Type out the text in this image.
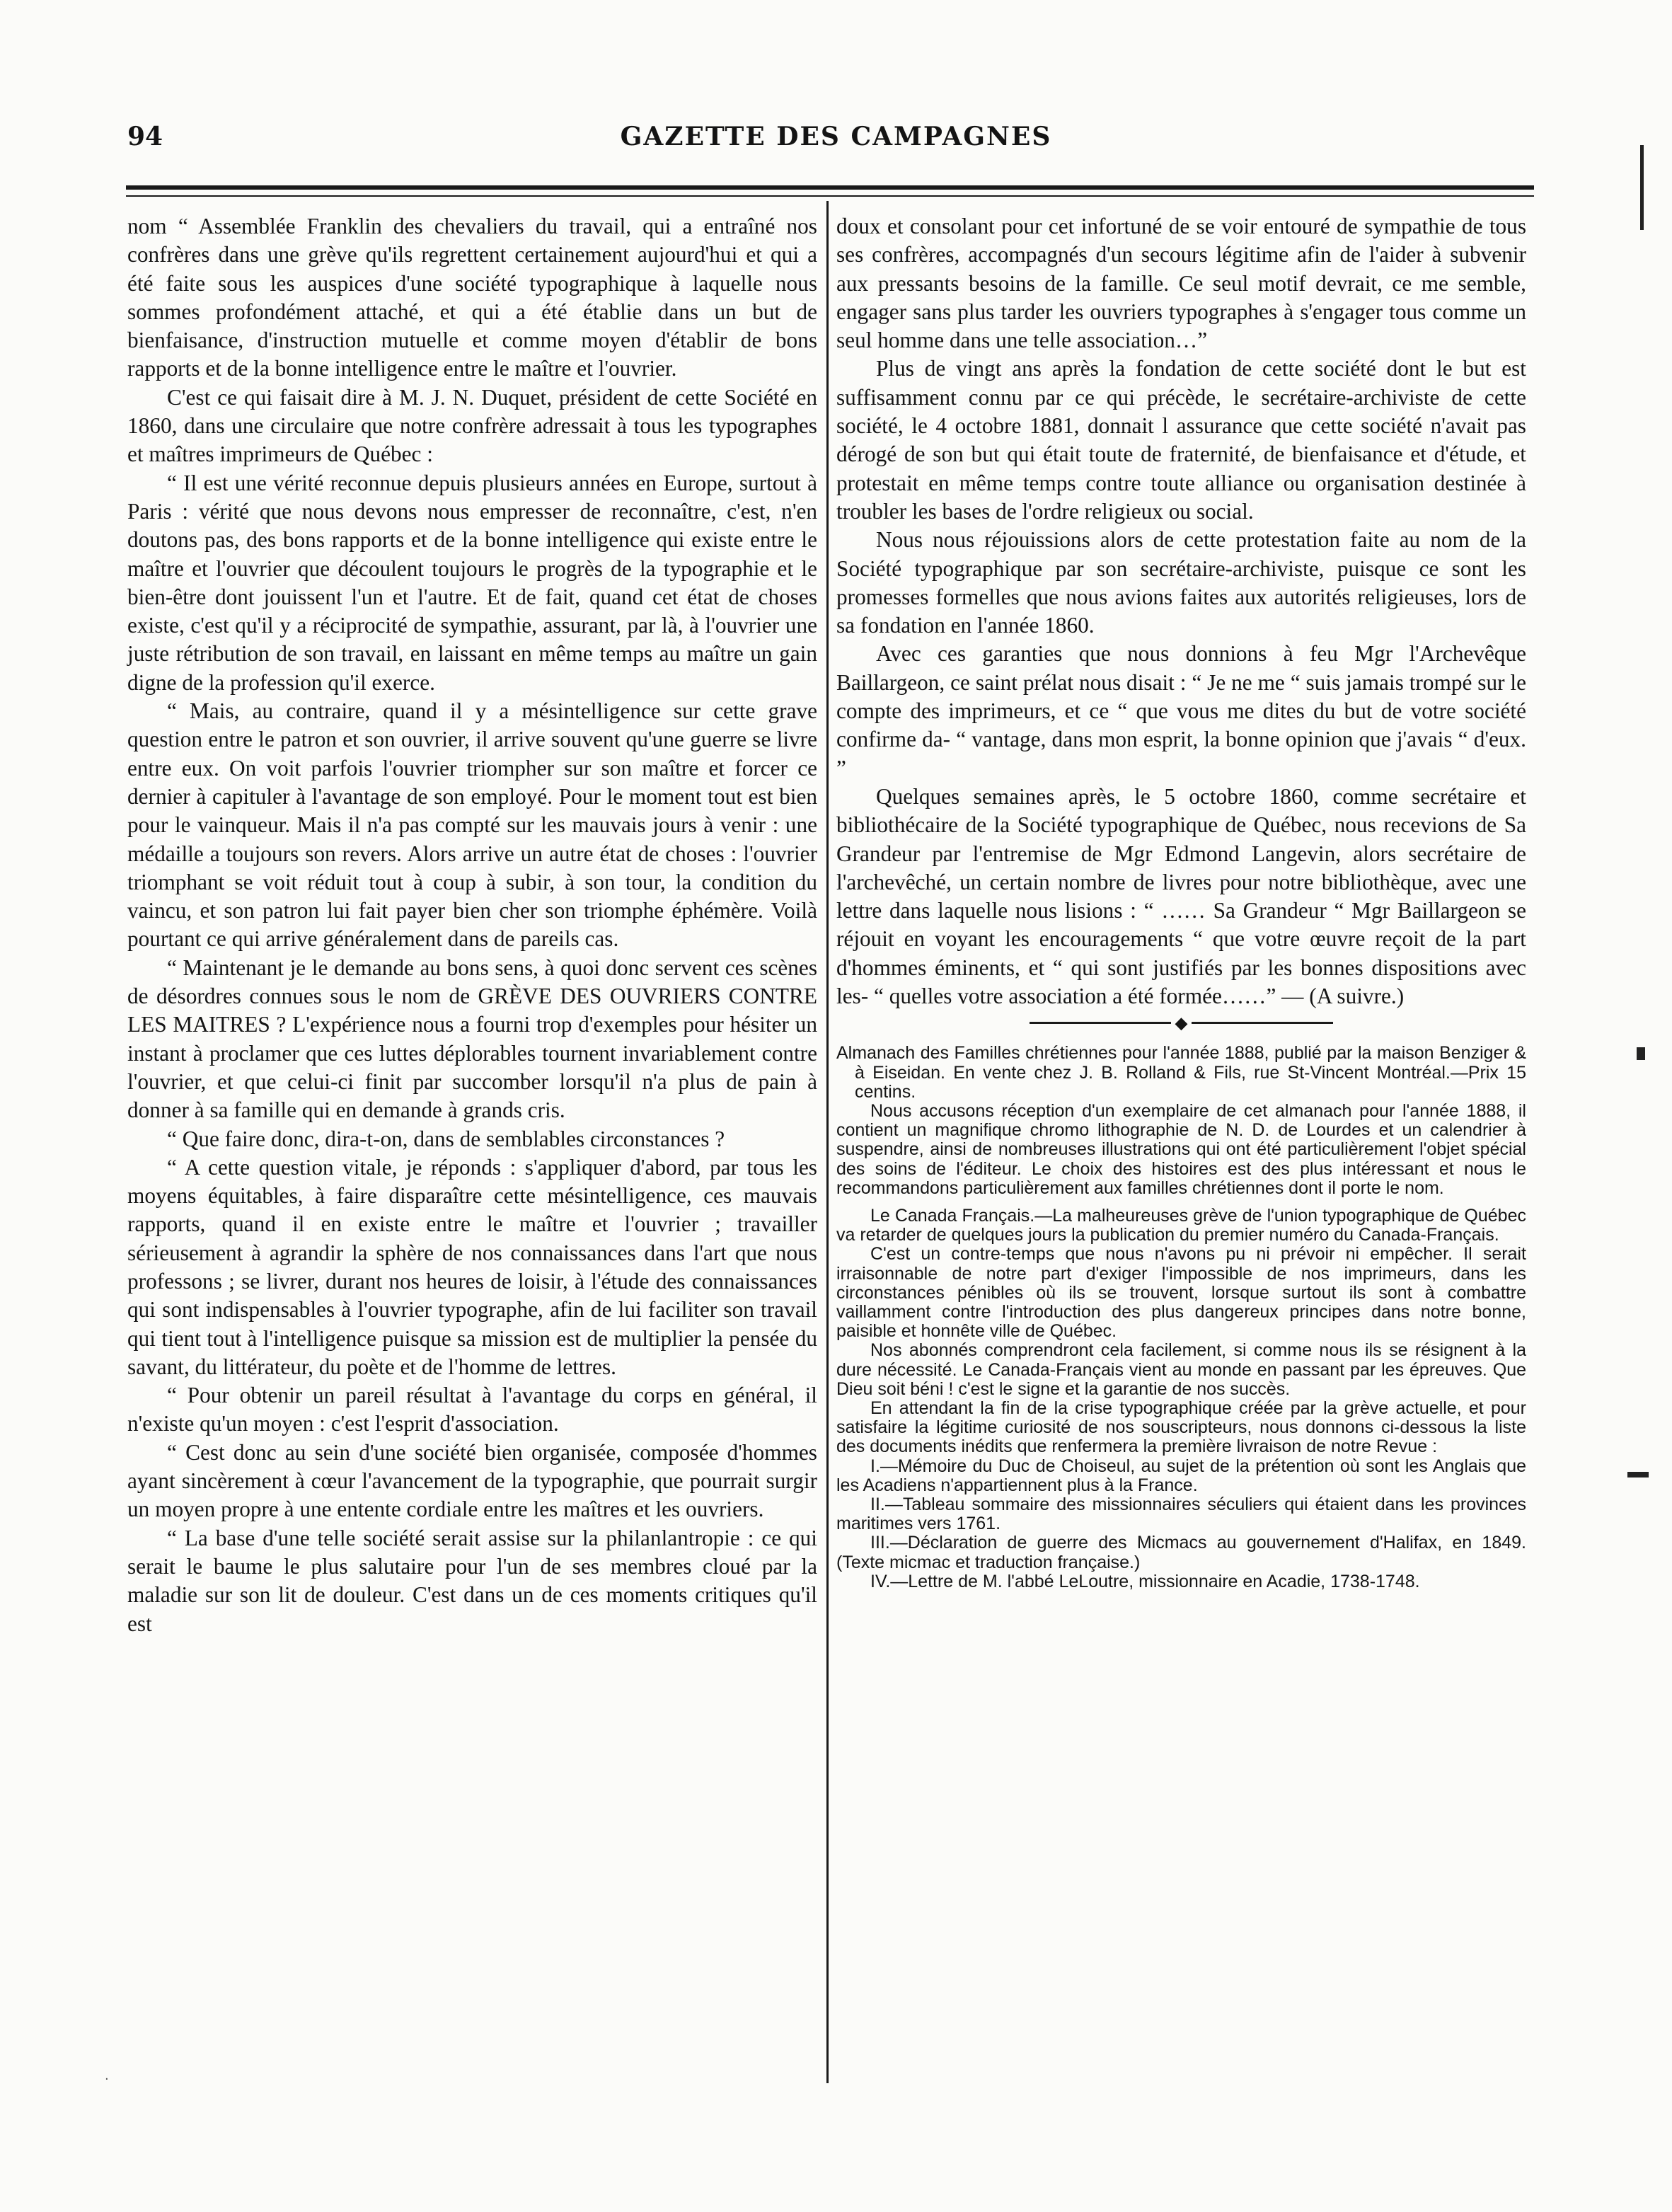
GAZETTE DES CAMPAGNES
94

nom “ Assemblée Franklin des chevaliers du travail, qui a entraîné nos confrères dans une grève qu'ils regrettent certainement aujourd'hui et qui a été faite sous les auspices d'une société typographique à laquelle nous sommes profondément attaché, et qui a été établie dans un but de bienfaisance, d'instruction mutuelle et comme moyen d'établir de bons rapports et de la bonne intelligence entre le maître et l'ouvrier.

C'est ce qui faisait dire à M. J. N. Duquet, président de cette Société en 1860, dans une circulaire que notre confrère adressait à tous les typographes et maîtres imprimeurs de Québec :

“ Il est une vérité reconnue depuis plusieurs années en Europe, surtout à Paris : vérité que nous devons nous empresser de reconnaître, c'est, n'en doutons pas, des bons rapports et de la bonne intelligence qui existe entre le maître et l'ouvrier que découlent toujours le progrès de la typographie et le bien-être dont jouissent l'un et l'autre. Et de fait, quand cet état de choses existe, c'est qu'il y a réciprocité de sympathie, assurant, par là, à l'ouvrier une juste rétribution de son travail, en laissant en même temps au maître un gain digne de la profession qu'il exerce.

“ Mais, au contraire, quand il y a mésintelligence sur cette grave question entre le patron et son ouvrier, il arrive souvent qu'une guerre se livre entre eux. On voit parfois l'ouvrier triompher sur son maître et forcer ce dernier à capituler à l'avantage de son employé. Pour le moment tout est bien pour le vainqueur. Mais il n'a pas compté sur les mauvais jours à venir : une médaille a toujours son revers. Alors arrive un autre état de choses : l'ouvrier triomphant se voit réduit tout à coup à subir, à son tour, la condition du vaincu, et son patron lui fait payer bien cher son triomphe éphémère. Voilà pourtant ce qui arrive généralement dans de pareils cas.

“ Maintenant je le demande au bons sens, à quoi donc servent ces scènes de désordres connues sous le nom de GRÈVE DES OUVRIERS CONTRE LES MAITRES ? L'expérience nous a fourni trop d'exemples pour hésiter un instant à proclamer que ces luttes déplorables tournent invariablement contre l'ouvrier, et que celui-ci finit par succomber lorsqu'il n'a plus de pain à donner à sa famille qui en demande à grands cris.

“ Que faire donc, dira-t-on, dans de semblables circonstances ?

“ A cette question vitale, je réponds : s'appliquer d'abord, par tous les moyens équitables, à faire disparaître cette mésintelligence, ces mauvais rapports, quand il en existe entre le maître et l'ouvrier ; travailler sérieusement à agrandir la sphère de nos connaissances dans l'art que nous professons ; se livrer, durant nos heures de loisir, à l'étude des connaissances qui sont indispensables à l'ouvrier typographe, afin de lui faciliter son travail qui tient tout à l'intelligence puisque sa mission est de multiplier la pensée du savant, du littérateur, du poète et de l'homme de lettres.

“ Pour obtenir un pareil résultat à l'avantage du corps en général, il n'existe qu'un moyen : c'est l'esprit d'association.

“ Cest donc au sein d'une société bien organisée, composée d'hommes ayant sincèrement à cœur l'avancement de la typographie, que pourrait surgir un moyen propre à une entente cordiale entre les maîtres et les ouvriers.

“ La base d'une telle société serait assise sur la philanlantropie : ce qui serait le baume le plus salutaire pour l'un de ses membres cloué par la maladie sur son lit de douleur. C'est dans un de ces moments critiques qu'il est

doux et consolant pour cet infortuné de se voir entouré de sympathie de tous ses confrères, accompagnés d'un secours légitime afin de l'aider à subvenir aux pressants besoins de la famille. Ce seul motif devrait, ce me semble, engager sans plus tarder les ouvriers typographes à s'engager tous comme un seul homme dans une telle association…”

Plus de vingt ans après la fondation de cette société dont le but est suffisamment connu par ce qui précède, le secrétaire-archiviste de cette société, le 4 octobre 1881, donnait l assurance que cette société n'avait pas dérogé de son but qui était toute de fraternité, de bienfaisance et d'étude, et protestait en même temps contre toute alliance ou organisation destinée à troubler les bases de l'ordre religieux ou social.

Nous nous réjouissions alors de cette protestation faite au nom de la Société typographique par son secrétaire-archiviste, puisque ce sont les promesses formelles que nous avions faites aux autorités religieuses, lors de sa fondation en l'année 1860.

Avec ces garanties que nous donnions à feu Mgr l'Archevêque Baillargeon, ce saint prélat nous disait : “ Je ne me “ suis jamais trompé sur le compte des imprimeurs, et ce “ que vous me dites du but de votre société confirme da- “ vantage, dans mon esprit, la bonne opinion que j'avais “ d'eux. ”

Quelques semaines après, le 5 octobre 1860, comme secrétaire et bibliothécaire de la Société typographique de Québec, nous recevions de Sa Grandeur par l'entremise de Mgr Edmond Langevin, alors secrétaire de l'archevêché, un certain nombre de livres pour notre bibliothèque, avec une lettre dans laquelle nous lisions : “ …… Sa Grandeur “ Mgr Baillargeon se réjouit en voyant les encouragements “ que votre œuvre reçoit de la part d'hommes éminents, et “ qui sont justifiés par les bonnes dispositions avec les- “ quelles votre association a été formée……” — (A suivre.)

◆

Almanach des Familles chrétiennes pour l'année 1888, publié par la maison Benziger & à Eiseidan. En vente chez J. B. Rolland & Fils, rue St-Vincent Montréal.—Prix 15 centins.

Nous accusons réception d'un exemplaire de cet almanach pour l'année 1888, il contient un magnifique chromo lithographie de N. D. de Lourdes et un calendrier à suspendre, ainsi de nombreuses illustrations qui ont été particulièrement l'objet spécial des soins de l'éditeur. Le choix des histoires est des plus intéressant et nous le recommandons particulièrement aux familles chrétiennes dont il porte le nom.

Le Canada Français.—La malheureuses grève de l'union typographique de Québec va retarder de quelques jours la publication du premier numéro du Canada-Français.

C'est un contre-temps que nous n'avons pu ni prévoir ni empêcher. Il serait irraisonnable de notre part d'exiger l'impossible de nos imprimeurs, dans les circonstances pénibles où ils se trouvent, lorsque surtout ils sont à combattre vaillamment contre l'introduction des plus dangereux principes dans notre bonne, paisible et honnête ville de Québec.

Nos abonnés comprendront cela facilement, si comme nous ils se résignent à la dure nécessité. Le Canada-Français vient au monde en passant par les épreuves. Que Dieu soit béni ! c'est le signe et la garantie de nos succès.

En attendant la fin de la crise typographique créée par la grève actuelle, et pour satisfaire la légitime curiosité de nos souscripteurs, nous donnons ci-dessous la liste des documents inédits que renfermera la première livraison de notre Revue :

I.—Mémoire du Duc de Choiseul, au sujet de la prétention où sont les Anglais que les Acadiens n'appartiennent plus à la France.

II.—Tableau sommaire des missionnaires séculiers qui étaient dans les provinces maritimes vers 1761.

III.—Déclaration de guerre des Micmacs au gouvernement d'Halifax, en 1849. (Texte micmac et traduction française.)

IV.—Lettre de M. l'abbé LeLoutre, missionnaire en Acadie, 1738-1748.

·
